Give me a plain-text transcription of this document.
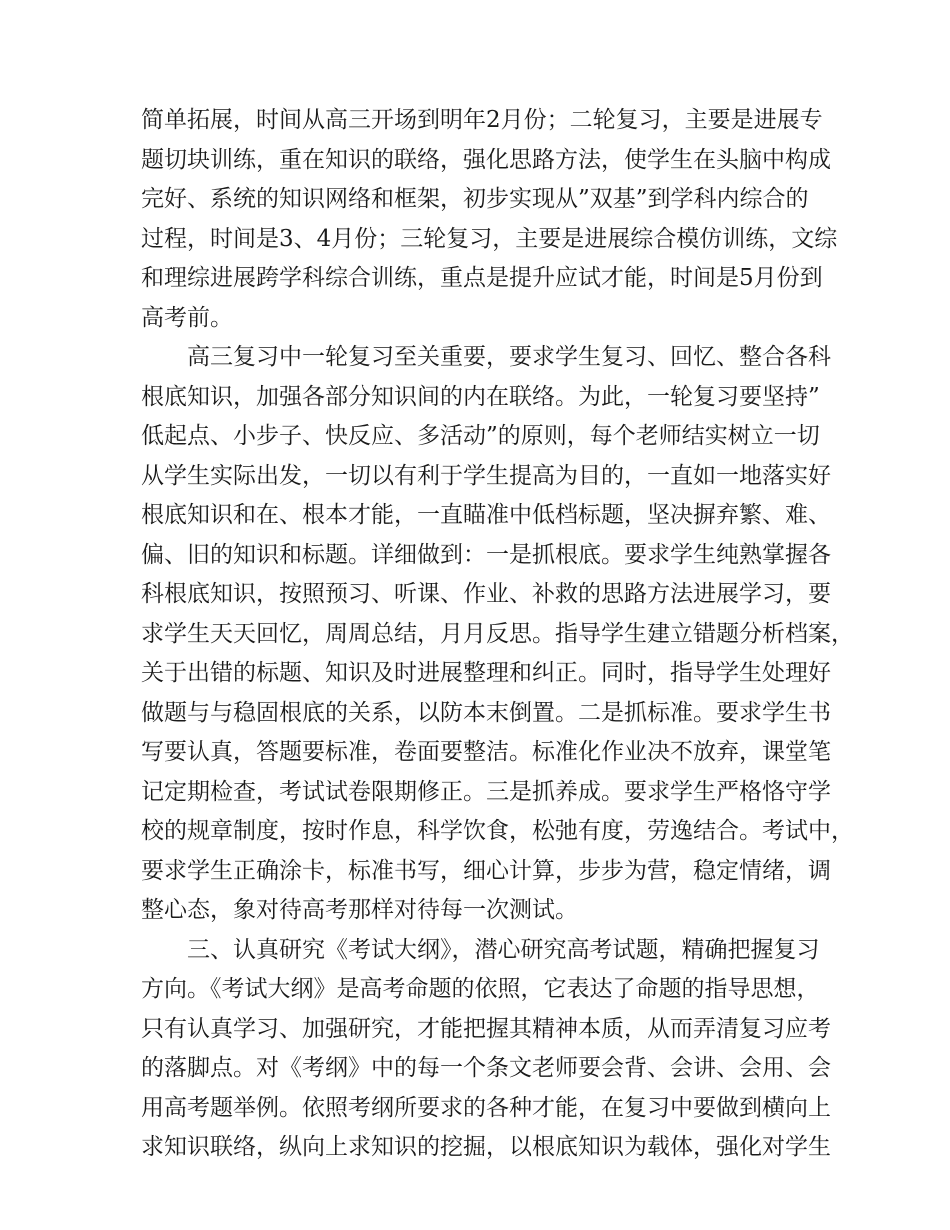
简单拓展，时间从高三开场到明年2月份；二轮复习，主要是进展专
题切块训练，重在知识的联络，强化思路方法，使学生在头脑中构成
完好、系统的知识网络和框架，初步实现从”双基”到学科内综合的
过程，时间是3、4月份；三轮复习，主要是进展综合模仿训练，文综
和理综进展跨学科综合训练，重点是提升应试才能，时间是5月份到
高考前。
高三复习中一轮复习至关重要，要求学生复习、回忆、整合各科
根底知识，加强各部分知识间的内在联络。为此，一轮复习要坚持”
低起点、小步子、快反应、多活动”的原则，每个老师结实树立一切
从学生实际出发，一切以有利于学生提高为目的，一直如一地落实好
根底知识和在、根本才能，一直瞄准中低档标题，坚决摒弃繁、难、
偏、旧的知识和标题。详细做到：一是抓根底。要求学生纯熟掌握各
科根底知识，按照预习、听课、作业、补救的思路方法进展学习，要
求学生天天回忆，周周总结，月月反思。指导学生建立错题分析档案，
关于出错的标题、知识及时进展整理和纠正。同时，指导学生处理好
做题与与稳固根底的关系，以防本末倒置。二是抓标准。要求学生书
写要认真，答题要标准，卷面要整洁。标准化作业决不放弃，课堂笔
记定期检查，考试试卷限期修正。三是抓养成。要求学生严格恪守学
校的规章制度，按时作息，科学饮食，松弛有度，劳逸结合。考试中，
要求学生正确涂卡，标准书写，细心计算，步步为营，稳定情绪，调
整心态，象对待高考那样对待每一次测试。
三、认真研究《考试大纲》，潜心研究高考试题，精确把握复习
方向。《考试大纲》是高考命题的依照，它表达了命题的指导思想，
只有认真学习、加强研究，才能把握其精神本质，从而弄清复习应考
的落脚点。对《考纲》中的每一个条文老师要会背、会讲、会用、会
用高考题举例。依照考纲所要求的各种才能，在复习中要做到横向上
求知识联络，纵向上求知识的挖掘，以根底知识为载体，强化对学生
